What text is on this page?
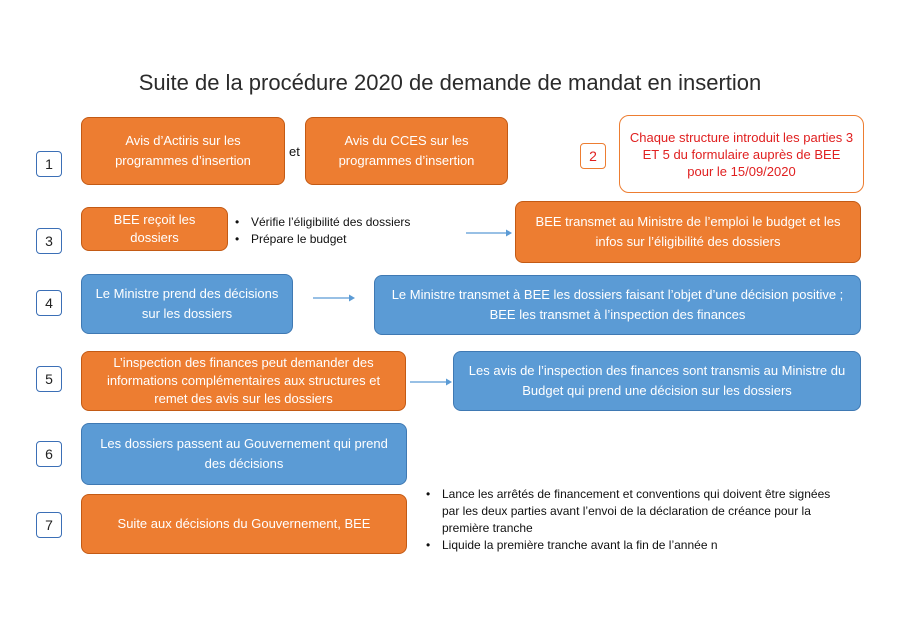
Suite de la procédure 2020 de demande de mandat en insertion
1
Avis d’Actiris sur les programmes d’insertion
et
Avis du CCES sur les programmes d’insertion	2
Chaque structure introduit les parties 3 ET 5 du formulaire auprès de BEE pour le 15/09/2020
3
BEE reçoit les dossiers
• Vérifie l’éligibilité des dossiers
• Prépare le budget
BEE transmet au Ministre de l’emploi le budget et les infos sur l’éligibilité des dossiers
4
Le Ministre prend des décisions sur les dossiers
Le Ministre transmet à BEE les dossiers faisant l’objet d’une décision positive ; BEE les transmet à l’inspection des finances
5
L’inspection des finances peut demander des informations complémentaires aux structures et remet des avis sur les dossiers
Les avis de l’inspection des finances sont transmis au Ministre du Budget qui prend une décision sur les dossiers
6
Les dossiers passent au Gouvernement qui prend des décisions
7	Suite aux décisions du Gouvernement, BEE
• Lance les arrêtés de financement et conventions qui doivent être signées par les deux parties avant l’envoi de la déclaration de créance pour la première tranche
• Liquide la première tranche avant la fin de l’année n
